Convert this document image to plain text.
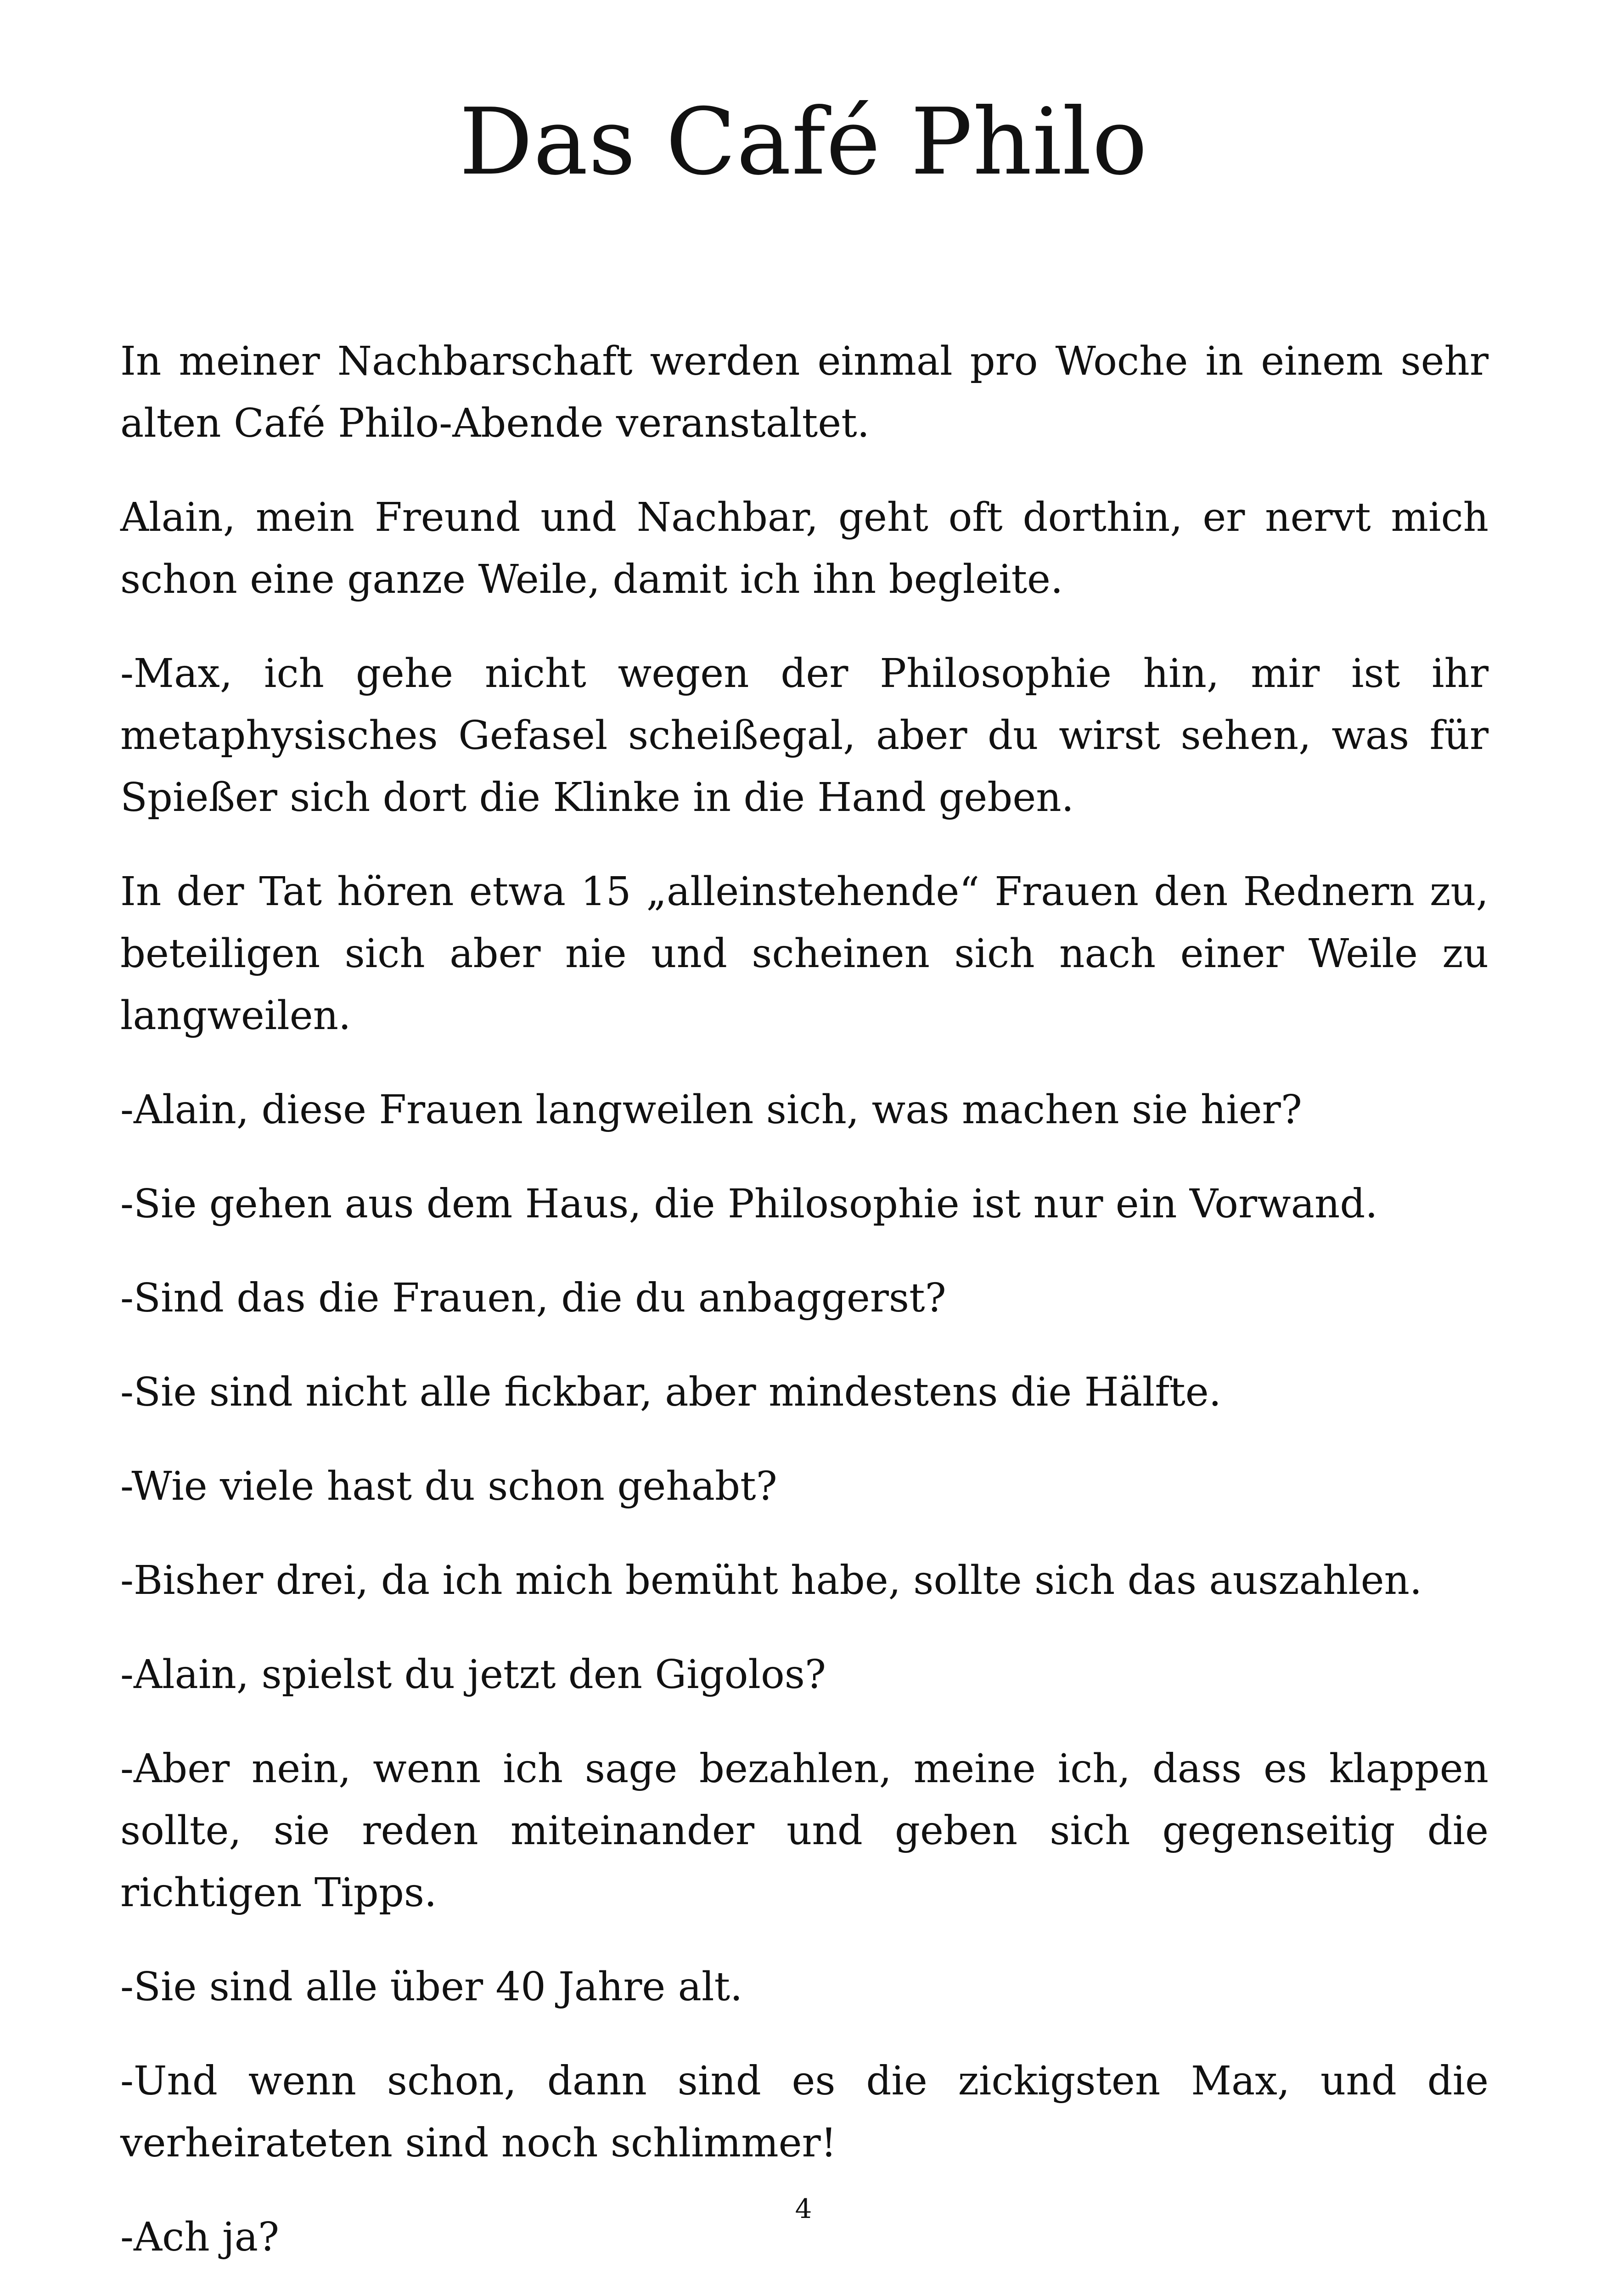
Das Café Philo

In meiner Nachbarschaft werden einmal pro Woche in einem sehr alten Café Philo-Abende veranstaltet.

Alain, mein Freund und Nachbar, geht oft dorthin, er nervt mich schon eine ganze Weile, damit ich ihn begleite.

-Max, ich gehe nicht wegen der Philosophie hin, mir ist ihr metaphysisches Gefasel scheißegal, aber du wirst sehen, was für Spießer sich dort die Klinke in die Hand geben.

In der Tat hören etwa 15 „alleinstehende“ Frauen den Rednern zu, beteiligen sich aber nie und scheinen sich nach einer Weile zu langweilen.

-Alain, diese Frauen langweilen sich, was machen sie hier?

-Sie gehen aus dem Haus, die Philosophie ist nur ein Vorwand.

-Sind das die Frauen, die du anbaggerst?

-Sie sind nicht alle fickbar, aber mindestens die Hälfte.

-Wie viele hast du schon gehabt?

-Bisher drei, da ich mich bemüht habe, sollte sich das auszahlen.

-Alain, spielst du jetzt den Gigolos?

-Aber nein, wenn ich sage bezahlen, meine ich, dass es klappen sollte, sie reden miteinander und geben sich gegenseitig die richtigen Tipps.

-Sie sind alle über 40 Jahre alt.

-Und wenn schon, dann sind es die zickigsten Max, und die verheirateten sind noch schlimmer!

-Ach ja?

4
